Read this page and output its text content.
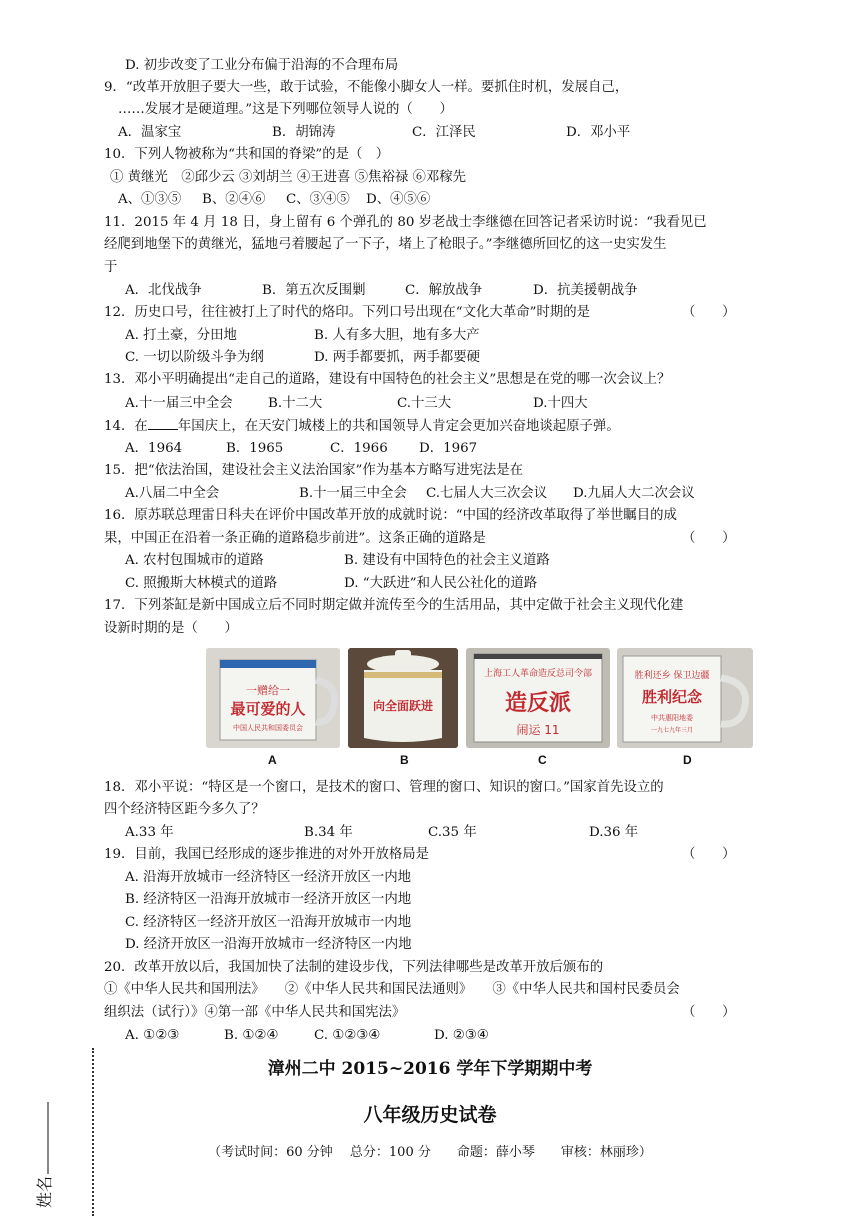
D. 初步改变了工业分布偏于沿海的不合理布局
9．“改革开放胆子要大一些，敢于试验，不能像小脚女人一样。要抓住时机，发展自己，
……发展才是硬道理。”这是下列哪位领导人说的（　　）
A．温家宝	B．胡锦涛	C．江泽民	D．邓小平
10．下列人物被称为“共和国的脊梁”的是（　）
① 黄继光　②邱少云 ③刘胡兰 ④王进喜 ⑤焦裕禄 ⑥邓稼先
A、①③⑤ B、②④⑥ C、③④⑤ D、④⑤⑥
11．2015 年 4 月 18 日，身上留有 6 个弹孔的 80 岁老战士李继德在回答记者采访时说：“我看见已
经爬到地堡下的黄继光，猛地弓着腰起了一下子，堵上了枪眼子。”李继德所回忆的这一史实发生
于
A．北伐战争	B．第五次反围剿	C．解放战争	D．抗美援朝战争
12．历史口号，往往被打上了时代的烙印。下列口号出现在“文化大革命”时期的是	（　　）
A. 打土豪，分田地	B. 人有多大胆，地有多大产
C. 一切以阶级斗争为纲	D. 两手都要抓，两手都要硬
13．邓小平明确提出“走自己的道路，建设有中国特色的社会主义”思想是在党的哪一次会议上？
A.十一届三中全会	B.十二大	C.十三大	D.十四大
14．在 年国庆上，在天安门城楼上的共和国领导人肯定会更加兴奋地谈起原子弹。
A．1964	B．1965	C．1966 D．1967
15．把“依法治国，建设社会主义法治国家”作为基本方略写进宪法是在
A.八届二中全会	B.十一届三中全会 C.七届人大三次会议 D.九届人大二次会议
16．原苏联总理雷日科夫在评价中国改革开放的成就时说：“中国的经济改革取得了举世瞩目的成
果，中国正在沿着一条正确的道路稳步前进”。这条正确的道路是	（　　）
A. 农村包围城市的道路	B. 建设有中国特色的社会主义道路
C. 照搬斯大林模式的道路	D. “大跃进”和人民公社化的道路
17．下列茶缸是新中国成立后不同时期定做并流传至今的生活用品，其中定做于社会主义现代化建
设新时期的是（　　）
一赠给一
最可爱的人
中国人民共和国委员会
A
向全面跃进
B
上海工人革命造反总司令部
造反派
闹运 11
C
胜利还乡 保卫边疆
胜利纪念
中共惠阳地委
一九七九年三月
D
18．邓小平说：“特区是一个窗口，是技术的窗口、管理的窗口、知识的窗口。”国家首先设立的
四个经济特区距今多久了？
A.33 年	B.34 年	C.35 年	D.36 年
19．目前，我国已经形成的逐步推进的对外开放格局是	（　　）
A. 沿海开放城市一经济特区一经济开放区一内地
B. 经济特区一沿海开放城市一经济开放区一内地
C. 经济特区一经济开放区一沿海开放城市一内地
D. 经济开放区一沿海开放城市一经济特区一内地
20．改革开放以后，我国加快了法制的建设步伐，下列法律哪些是改革开放后颁布的
①《中华人民共和国刑法》　　②《中华人民共和国民法通则》　　③《中华人民共和国村民委员会
组织法（试行）》④第一部《中华人民共和国宪法》	（　　）
A. ①②③	B. ①②④	C. ①②③④	D. ②③④
姓名
漳州二中 2015~2016 学年下学期期中考
八年级历史试卷
（考试时间：60 分钟　 总分：100 分　　命题：薛小琴　　审核：林丽珍）
